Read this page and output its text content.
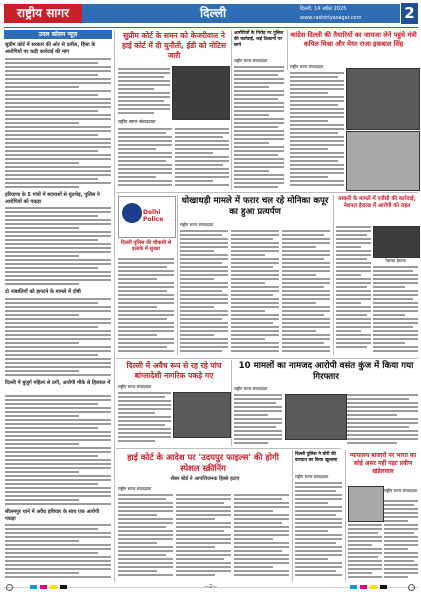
राष्ट्रीय सागर	दिल्ली	दिल्ली, 14 अप्रैल 2025
www.rashtriyasagar.com	2
उवल कॉलम न्यूज़
सुप्रीम कोर्ट में सरकार की ओर से दलील, हिंसा के आरोपियों पर कड़ी कार्रवाई की मांग
हरियाणा के 5 गांवों में बदमाशों से मुठभेड़, पुलिस ने आरोपियों को पकड़ा
दो नाबालिगों को झपटने के मामले में दोषी
दिल्ली में बुजुर्ग महिला से ठगी, आरोपी मौके से हिरासत में
सीलमपुर थाने में अवैध हथियार के साथ एक आरोपी पकड़ा
सुप्रीम कोर्ट के समन को केजरीवाल ने हाई कोर्ट में दी चुनौती, ईडी को नोटिस जारी
राष्ट्रीय सागर संवाददाता
आरोपियों के गिरोह पर पुलिस की कार्रवाई, कई ठिकानों पर छापे
राष्ट्रीय सागर संवाददाता
कांग्रेस दिल्ली की तैयारियों का जायजा लेने पहुंचे मंत्री कपिल मिश्रा और मेयर राजा इकबाल सिंह
राष्ट्रीय सागर संवाददाता
Delhi Police
दिल्ली पुलिस की चौकसी से इलाके में सुरक्षा
धोखाधड़ी मामले में फरार चल रहे मोनिका कपूर का हुआ प्रत्यर्पण
राष्ट्रीय सागर संवाददाता
तस्करी के मामले में एजेंसी की कार्रवाई, नेशनल हेराल्ड में आरोपी को राहत
नेशनल हेराल्ड
दिल्ली में अवैध रूप से रह रहे पांच बांग्लादेशी नागरिक पकड़े गए
राष्ट्रीय सागर संवाददाता
10 मामलों का नामजद आरोपी वसंत कुंज में किया गया गिरफ्तार
राष्ट्रीय सागर संवाददाता
हाई कोर्ट के आदेश पर 'उदयपुर फाइल्स' की होगी स्पेशल स्क्रीनिंग
सेंसर बोर्ड ने आपत्तिजनक हिस्से हटाए
राष्ट्रीय सागर संवाददाता
दिल्ली पुलिस ने चोरी की वारदात का किया खुलासा
राष्ट्रीय सागर संवाददाता
न्यायालय बाजारों पर भारत का कोई असर नहीं पड़ाः प्रवीण खंडेलवाल
राष्ट्रीय सागर संवाददाता
—2—
